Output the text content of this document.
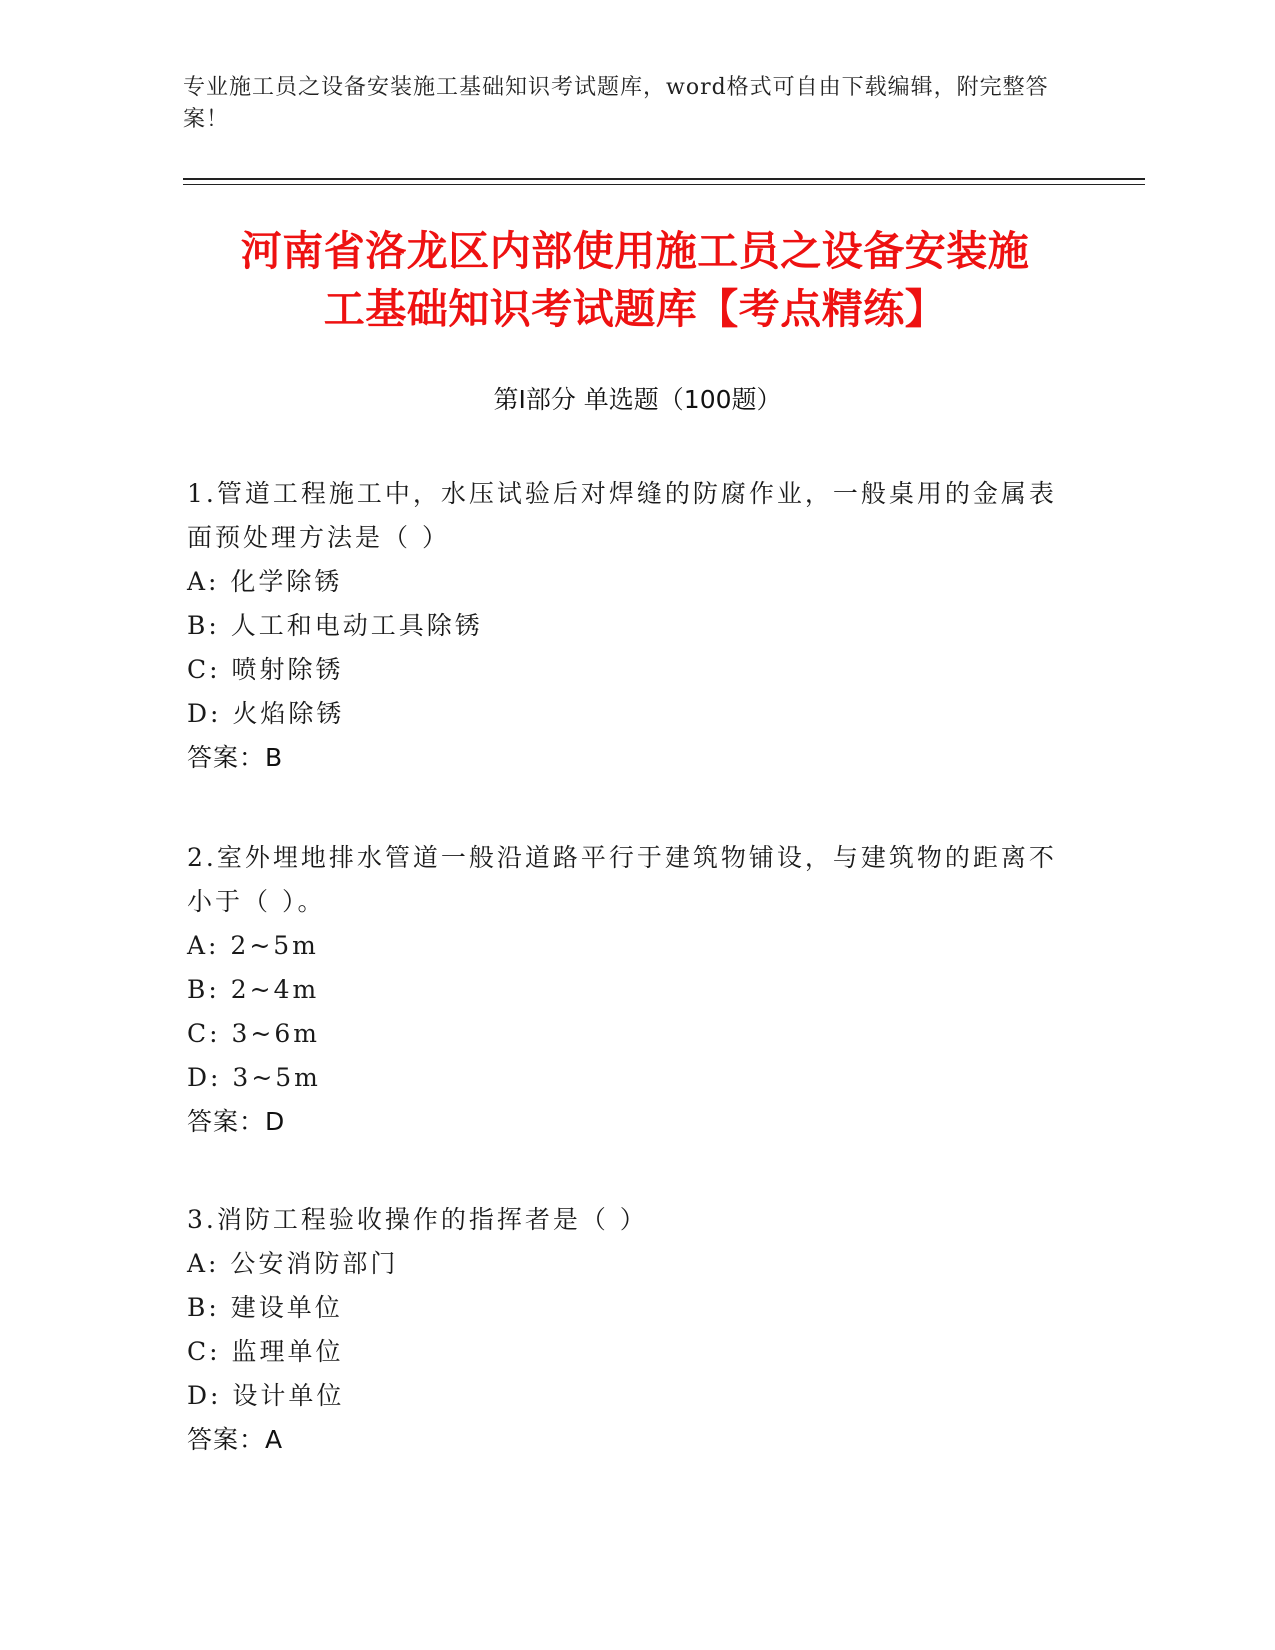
专业施工员之设备安装施工基础知识考试题库，word格式可自由下载编辑，附完整答案！
河南省洛龙区内部使用施工员之设备安装施
工基础知识考试题库【考点精练】
第Ⅰ部分 单选题（100题）
1.管道工程施工中，水压试验后对焊缝的防腐作业，一般桌用的金属表面预处理方法是（ ）
A: 化学除锈
B: 人工和电动工具除锈
C: 喷射除锈
D: 火焰除锈
答案：B
2.室外埋地排水管道一般沿道路平行于建筑物铺设，与建筑物的距离不小于（ ）。
A: 2~5m
B: 2~4m
C: 3~6m
D: 3~5m
答案：D
3.消防工程验收操作的指挥者是（ ）
A: 公安消防部门
B: 建设单位
C: 监理单位
D: 设计单位
答案：A
